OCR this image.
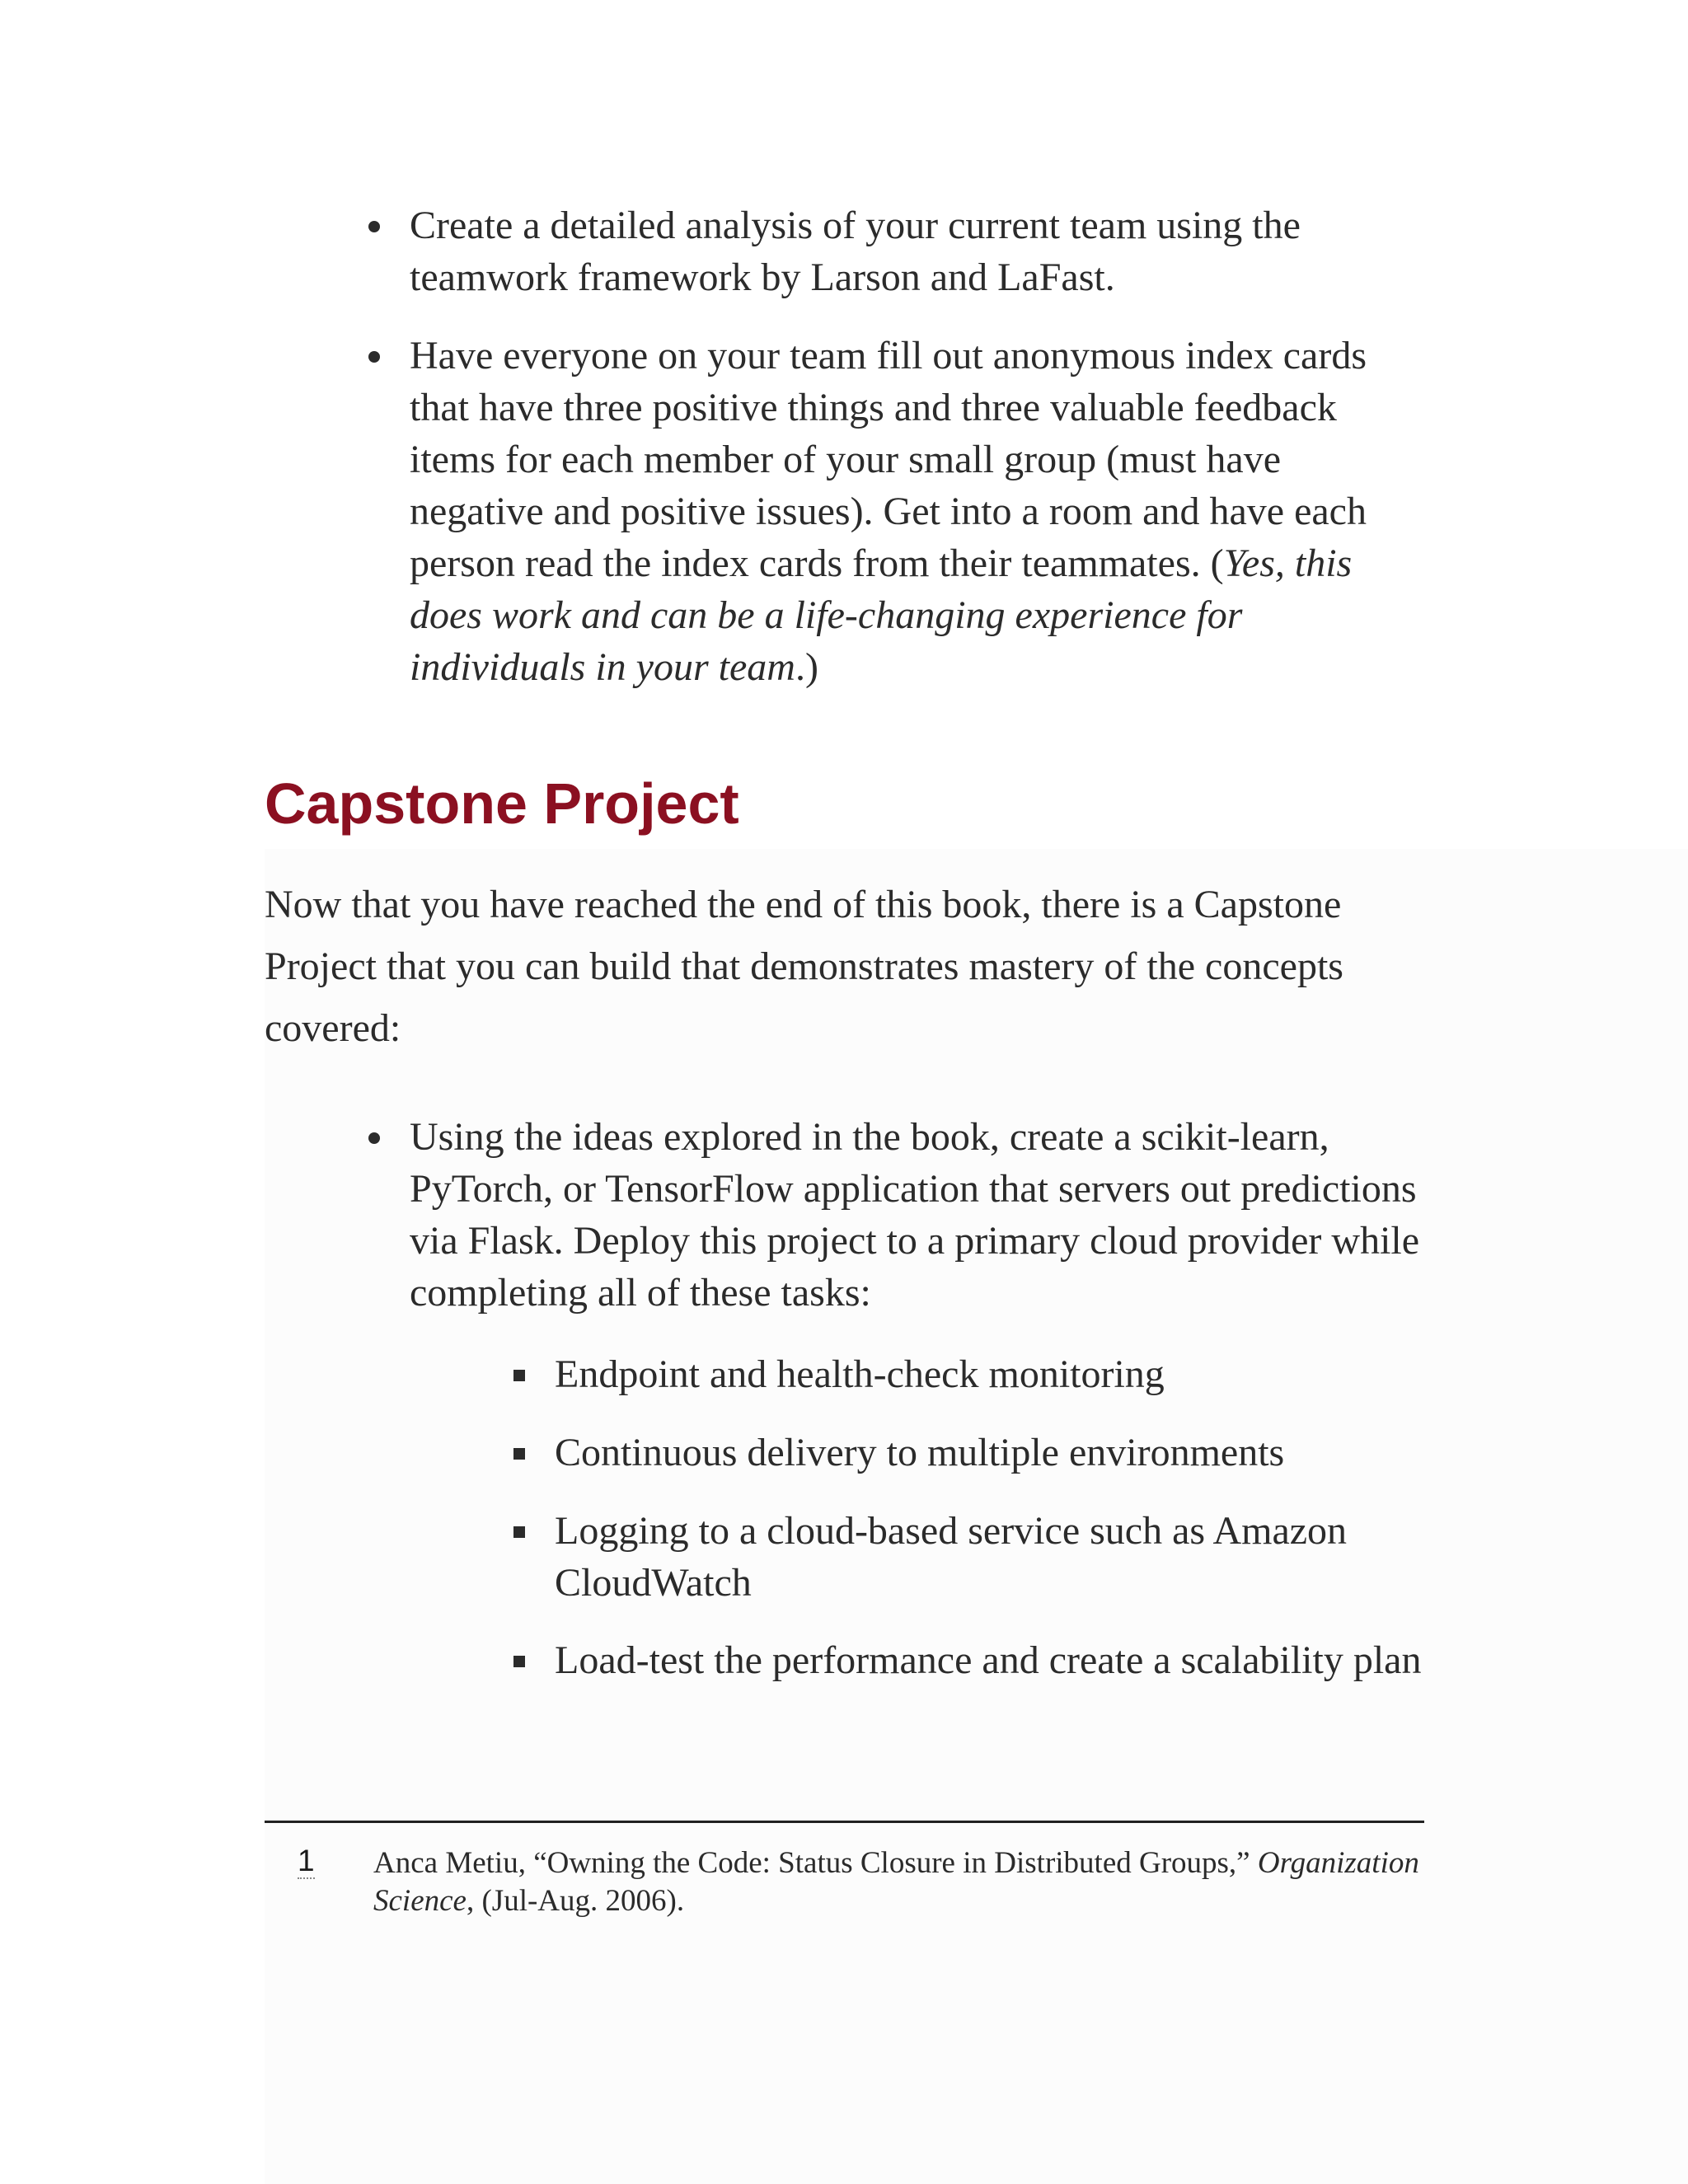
Create a detailed analysis of your current team using the teamwork framework by Larson and LaFast.
Have everyone on your team fill out anonymous index cards that have three positive things and three valuable feedback items for each member of your small group (must have negative and positive issues). Get into a room and have each person read the index cards from their teammates. (Yes, this does work and can be a life-changing experience for individuals in your team.)
Capstone Project

Now that you have reached the end of this book, there is a Capstone Project that you can build that demonstrates mastery of the concepts covered:

Using the ideas explored in the book, create a scikit-learn, PyTorch, or TensorFlow application that servers out predictions via Flask. Deploy this project to a primary cloud provider while completing all of these tasks:
Endpoint and health-check monitoring
Continuous delivery to multiple environments
Logging to a cloud-based service such as Amazon CloudWatch
Load-test the performance and create a scalability plan
1 Anca Metiu, “Owning the Code: Status Closure in Distributed Groups,” Organization Science, (Jul-Aug. 2006).
